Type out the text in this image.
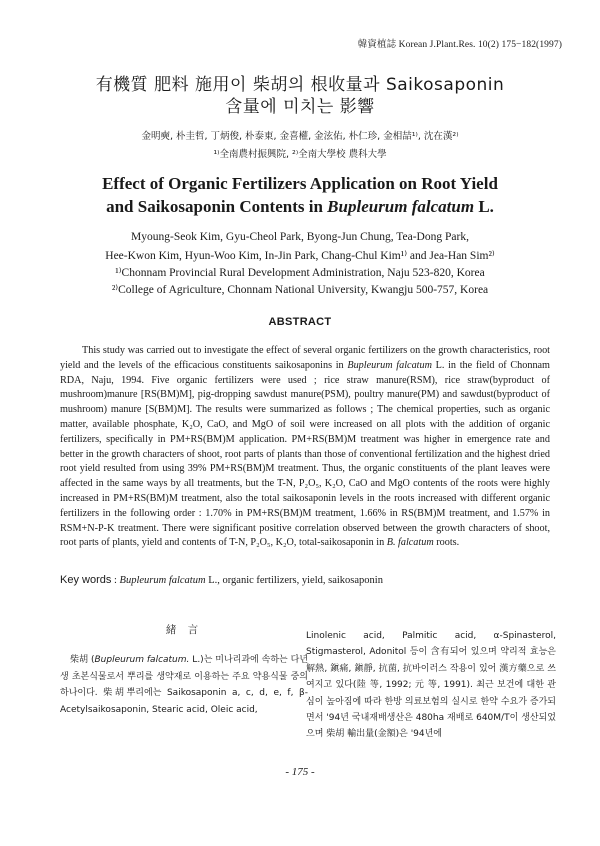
韓資植誌 Korean J.Plant.Res. 10(2) 175−182(1997)
有機質 肥料 施用이 柴胡의 根收量과 Saikosaponin
含量에 미치는 影響
金明奭, 朴圭哲, 丁炳俊, 朴泰東, 金喜權, 金泫佑, 朴仁珍, 金相喆¹⁾, 沈在漢²⁾
¹⁾全南農村振興院, ²⁾全南大學校 農科大學
Effect of Organic Fertilizers Application on Root Yield
and Saikosaponin Contents in Bupleurum falcatum L.
Myoung-Seok Kim, Gyu-Cheol Park, Byong-Jun Chung, Tea-Dong Park,
Hee-Kwon Kim, Hyun-Woo Kim, In-Jin Park, Chang-Chul Kim¹⁾ and Jea-Han Sim²⁾
¹⁾Chonnam Provincial Rural Development Administration, Naju 523-820, Korea
²⁾College of Agriculture, Chonnam National University, Kwangju 500-757, Korea
ABSTRACT

This study was carried out to investigate the effect of several organic fertilizers on the growth characteristics, root yield and the levels of the efficacious constituents saikosaponins in Bupleurum falcatum L. in the field of Chonnam RDA, Naju, 1994. Five organic fertilizers were used ; rice straw manure(RSM), rice straw(byproduct of mushroom)manure [RS(BM)M], pig-dropping sawdust manure(PSM), poultry manure(PM) and sawdust(byproduct of mushroom) manure [S(BM)M]. The results were summarized as follows ; The chemical properties, such as organic matter, available phosphate, K₂O, CaO, and MgO of soil were increased on all plots with the addition of organic fertilizers, specifically in PM+RS(BM)M application. PM+RS(BM)M treatment was higher in emergence rate and better in the growth characters of shoot, root parts of plants than those of conventional fertilization and the highest dried root yield resulted from using 39% PM+RS(BM)M treatment. Thus, the organic constituents of the plant leaves were affected in the same ways by all treatments, but the T-N, P₂O₅, K₂O, CaO and MgO contents of the roots were highly increased in PM+RS(BM)M treatment, also the total saikosaponin levels in the roots increased with different organic fertilizers in the following order : 1.70% in PM+RS(BM)M treatment, 1.66% in RS(BM)M treatment, and 1.57% in RSM+N-P-K treatment. There were significant positive correlation observed between the growth characters of shoot, root parts of plants, yield and contents of T-N, P₂O₅, K₂O, total-saikosaponin in B. falcatum roots.

Key words : Bupleurum falcatum L., organic fertilizers, yield, saikosaponin
緒 言
柴胡 (Bupleurum falcatum. L.)는 미나리과에 속하는 다년생 초본식물로서 뿌리를 생약재로 이용하는 주요 약용식물 중의 하나이다. 柴胡뿌리에는 Saikosaponin a, c, d, e, f, β-Acetylsaikosaponin, Stearic acid, Oleic acid,
Linolenic acid, Palmitic acid, α-Spinasterol, Stigmasterol, Adonitol 등이 含有되어 있으며 약리적 효능은 解熱, 鎭痛, 鎭靜, 抗菌, 抗바이러스 작용이 있어 漢方藥으로 쓰여지고 있다(陸 等, 1992; 元 等, 1991). 최근 보건에 대한 관심이 높아짐에 따라 한방 의료보험의 실시로 한약 수요가 증가되면서 '94년 국내재배생산은 480ha 재배로 640M/T이 생산되었으며 柴胡 輸出量(金額)은 '94년에
- 175 -
